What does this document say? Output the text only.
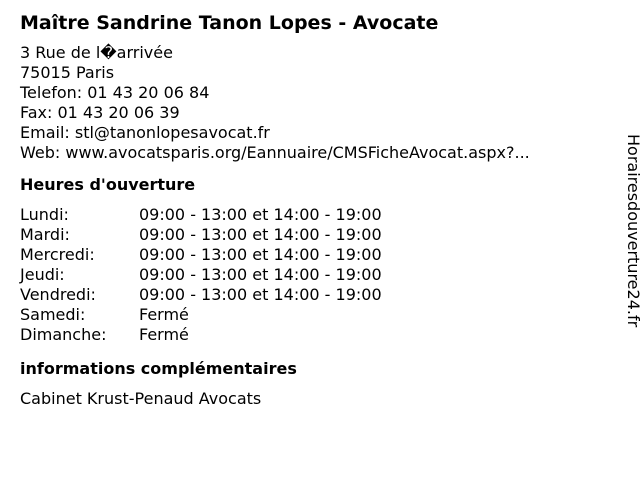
Maître Sandrine Tanon Lopes - Avocate
3 Rue de l�arrivée
75015 Paris
Telefon: 01 43 20 06 84
Fax: 01 43 20 06 39
Email: stl@tanonlopesavocat.fr
Web: www.avocatsparis.org/Eannuaire/CMSFicheAvocat.aspx?...
Heures d'ouverture
Lundi:	09:00 - 13:00 et 14:00 - 19:00
Mardi:	09:00 - 13:00 et 14:00 - 19:00
Mercredi:	09:00 - 13:00 et 14:00 - 19:00
Jeudi:	09:00 - 13:00 et 14:00 - 19:00
Vendredi:	09:00 - 13:00 et 14:00 - 19:00
Samedi:	Fermé
Dimanche:	Fermé
informations complémentaires
Cabinet Krust-Penaud Avocats
Horairesdouverture24.fr
